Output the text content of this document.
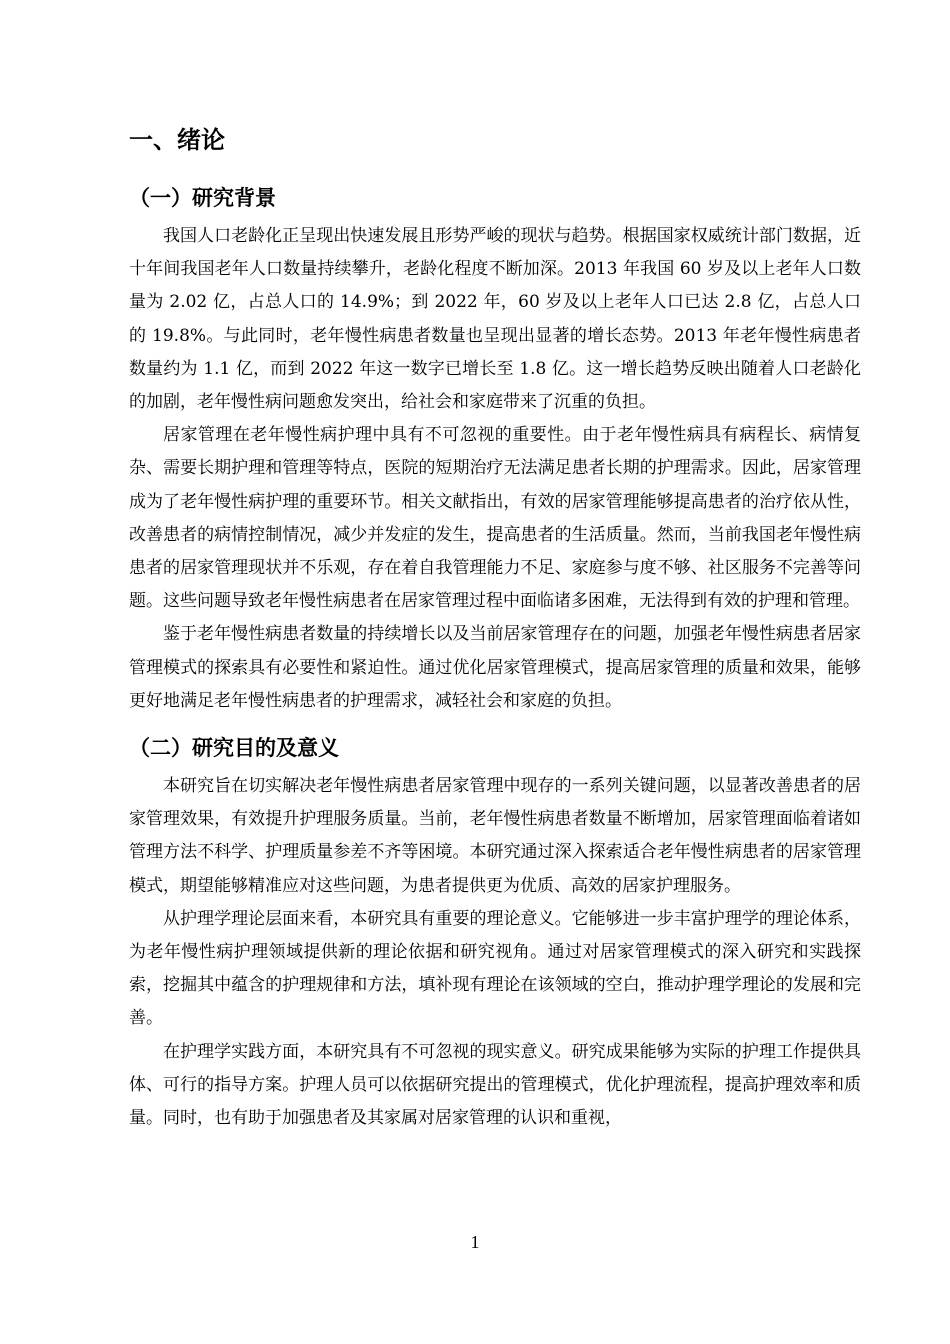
一、绪论
（一）研究背景

我国人口老龄化正呈现出快速发展且形势严峻的现状与趋势。根据国家权威统计部门数据，近十年间我国老年人口数量持续攀升，老龄化程度不断加深。2013 年我国 60 岁及以上老年人口数量为 2.02 亿，占总人口的 14.9%；到 2022 年，60 岁及以上老年人口已达 2.8 亿，占总人口的 19.8%。与此同时，老年慢性病患者数量也呈现出显著的增长态势。2013 年老年慢性病患者数量约为 1.1 亿，而到 2022 年这一数字已增长至 1.8 亿。这一增长趋势反映出随着人口老龄化的加剧，老年慢性病问题愈发突出，给社会和家庭带来了沉重的负担。

居家管理在老年慢性病护理中具有不可忽视的重要性。由于老年慢性病具有病程长、病情复杂、需要长期护理和管理等特点，医院的短期治疗无法满足患者长期的护理需求。因此，居家管理成为了老年慢性病护理的重要环节。相关文献指出，有效的居家管理能够提高患者的治疗依从性，改善患者的病情控制情况，减少并发症的发生，提高患者的生活质量。然而，当前我国老年慢性病患者的居家管理现状并不乐观，存在着自我管理能力不足、家庭参与度不够、社区服务不完善等问题。这些问题导致老年慢性病患者在居家管理过程中面临诸多困难，无法得到有效的护理和管理。

鉴于老年慢性病患者数量的持续增长以及当前居家管理存在的问题，加强老年慢性病患者居家管理模式的探索具有必要性和紧迫性。通过优化居家管理模式，提高居家管理的质量和效果，能够更好地满足老年慢性病患者的护理需求，减轻社会和家庭的负担。

（二）研究目的及意义

本研究旨在切实解决老年慢性病患者居家管理中现存的一系列关键问题，以显著改善患者的居家管理效果，有效提升护理服务质量。当前，老年慢性病患者数量不断增加，居家管理面临着诸如管理方法不科学、护理质量参差不齐等困境。本研究通过深入探索适合老年慢性病患者的居家管理模式，期望能够精准应对这些问题，为患者提供更为优质、高效的居家护理服务。

从护理学理论层面来看，本研究具有重要的理论意义。它能够进一步丰富护理学的理论体系，为老年慢性病护理领域提供新的理论依据和研究视角。通过对居家管理模式的深入研究和实践探索，挖掘其中蕴含的护理规律和方法，填补现有理论在该领域的空白，推动护理学理论的发展和完善。

在护理学实践方面，本研究具有不可忽视的现实意义。研究成果能够为实际的护理工作提供具体、可行的指导方案。护理人员可以依据研究提出的管理模式，优化护理流程，提高护理效率和质量。同时，也有助于加强患者及其家属对居家管理的认识和重视，

1
